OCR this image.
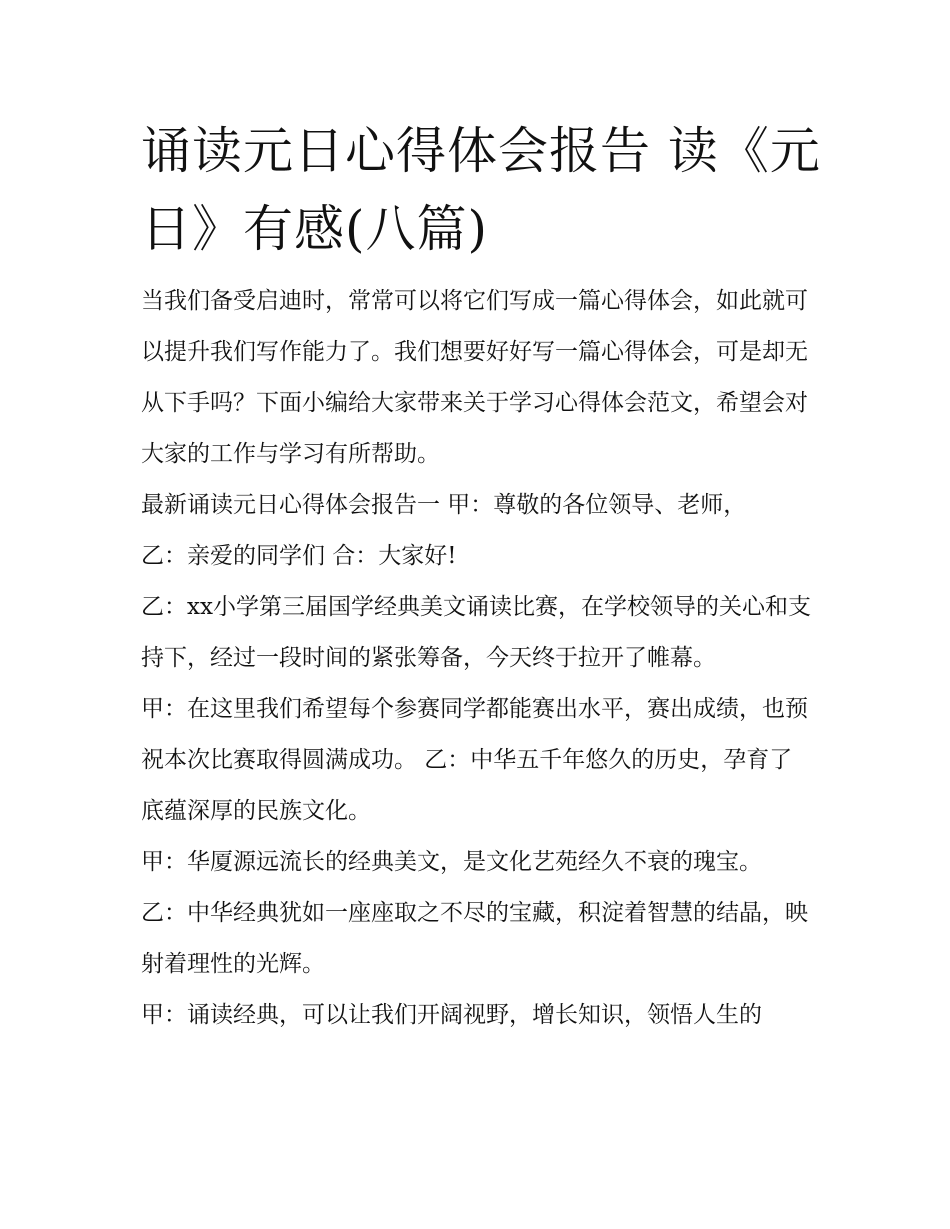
诵读元日心得体会报告 读《元日》有感(八篇)

当我们备受启迪时，常常可以将它们写成一篇心得体会，如此就可以提升我们写作能力了。我们想要好好写一篇心得体会，可是却无从下手吗？下面小编给大家带来关于学习心得体会范文，希望会对大家的工作与学习有所帮助。

最新诵读元日心得体会报告一 甲：尊敬的各位领导、老师，

乙：亲爱的同学们 合：大家好!

乙：xx小学第三届国学经典美文诵读比赛，在学校领导的关心和支持下，经过一段时间的紧张筹备，今天终于拉开了帷幕。

甲：在这里我们希望每个参赛同学都能赛出水平，赛出成绩，也预祝本次比赛取得圆满成功。 乙：中华五千年悠久的历史，孕育了底蕴深厚的民族文化。

甲：华厦源远流长的经典美文，是文化艺苑经久不衰的瑰宝。

乙：中华经典犹如一座座取之不尽的宝藏，积淀着智慧的结晶，映射着理性的光辉。

甲：诵读经典，可以让我们开阔视野，增长知识，领悟人生的
